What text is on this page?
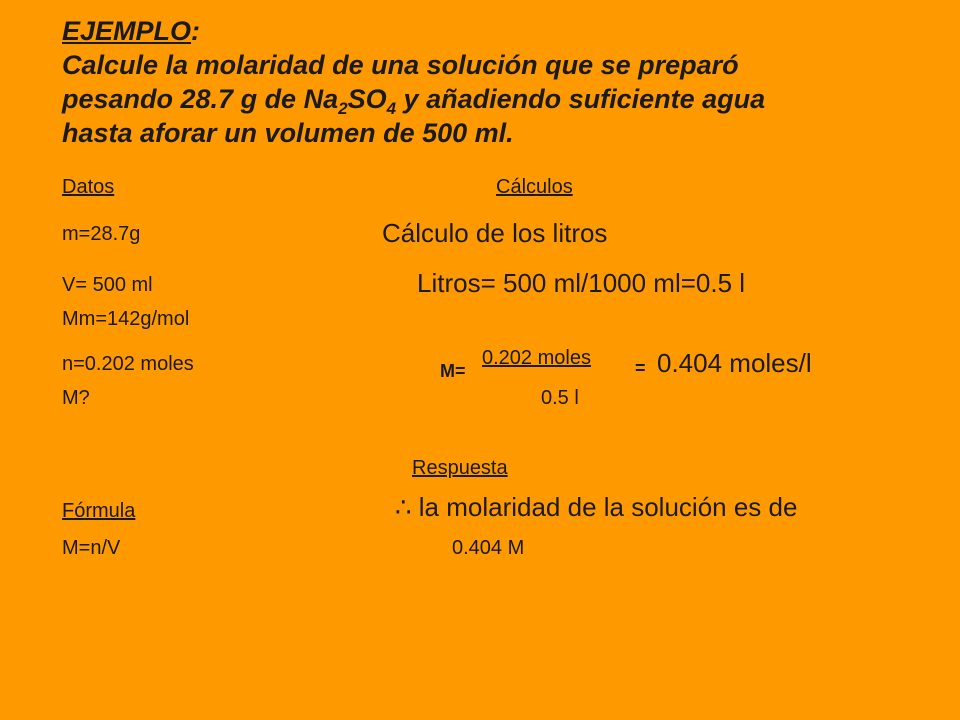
EJEMPLO:
Calcule la molaridad de una solución que se preparó
pesando 28.7 g de $Na_2SO_4$ y añadiendo suficiente agua
hasta aforar un volumen de 500 ml.
Datos
m=28.7g
V= 500 ml
Mm=142g/mol
n=0.202 moles
M?
Cálculos
Cálculo de los litros
Litros= 500 ml/1000 ml=0.5 l
M=
0.202 moles = 0.404 moles/l
0.5 l
Respuesta
∴ la molaridad de la solución es de
0.404 M
Fórmula
M=n/V
